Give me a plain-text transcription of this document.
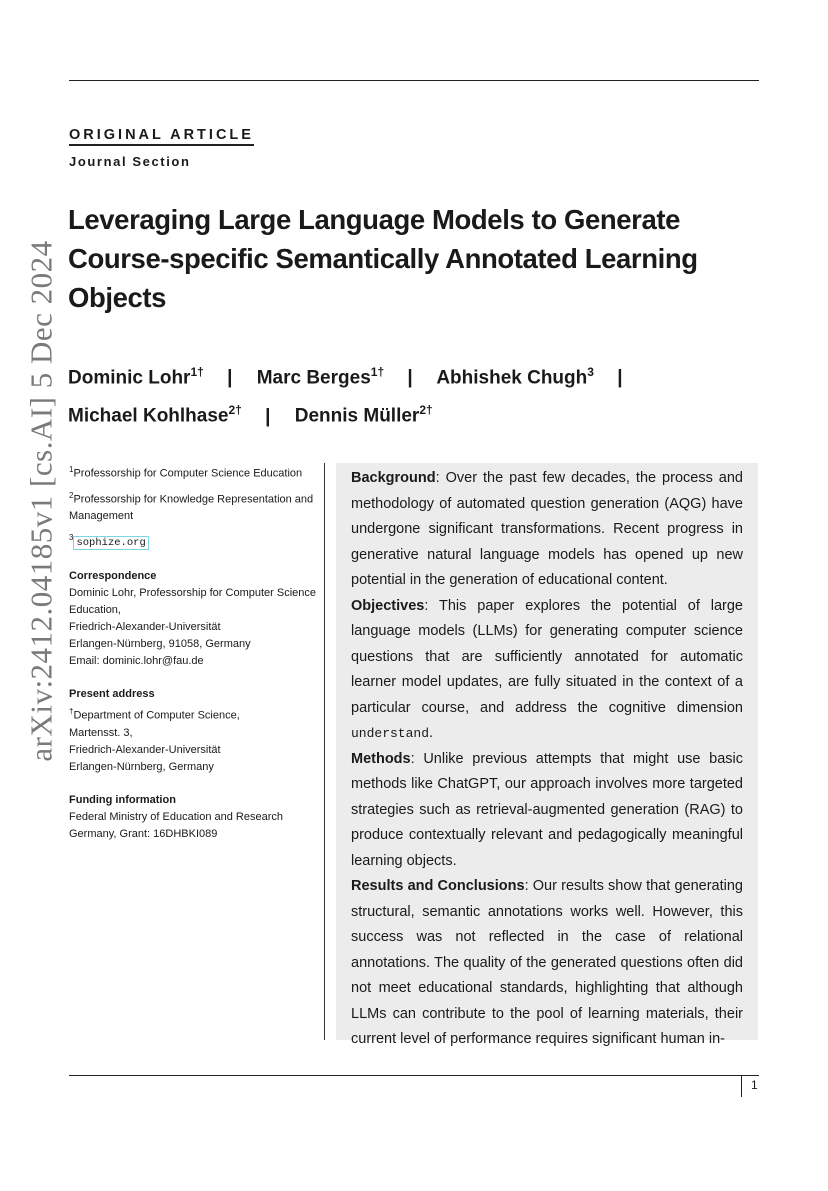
arXiv:2412.04185v1 [cs.AI] 5 Dec 2024
ORIGINAL ARTICLE
Journal Section
Leveraging Large Language Models to Generate Course-specific Semantically Annotated Learning Objects
Dominic Lohr$^{1\dagger}$ | Marc Berges$^{1\dagger}$ | Abhishek Chugh$^3$ |
Michael Kohlhase$^{2\dagger}$ | Dennis Müller$^{2\dagger}$

$^1$Professorship for Computer Science Education

$^2$Professorship for Knowledge Representation and Management

$^3$ sophize.org

Correspondence
Dominic Lohr, Professorship for Computer Science Education,
Friedrich-Alexander-Universität
Erlangen-Nürnberg, 91058, Germany
Email: dominic.lohr@fau.de
Present address
†Department of Computer Science,
Martensst. 3,
Friedrich-Alexander-Universität
Erlangen-Nürnberg, Germany
Funding information
Federal Ministry of Education and Research
Germany, Grant: 16DHBKI089

Background: Over the past few decades, the process and methodology of automated question generation (AQG) have undergone significant transformations. Recent progress in generative natural language models has opened up new potential in the generation of educational content.

Objectives: This paper explores the potential of large language models (LLMs) for generating computer science questions that are sufficiently annotated for automatic learner model updates, are fully situated in the context of a particular course, and address the cognitive dimension understand.

Methods: Unlike previous attempts that might use basic methods like ChatGPT, our approach involves more targeted strategies such as retrieval-augmented generation (RAG) to produce contextually relevant and pedagogically meaningful learning objects.

Results and Conclusions: Our results show that generating structural, semantic annotations works well. However, this success was not reflected in the case of relational annotations. The quality of the generated questions often did not meet educational standards, highlighting that although LLMs can contribute to the pool of learning materials, their current level of performance requires significant human in-

1
